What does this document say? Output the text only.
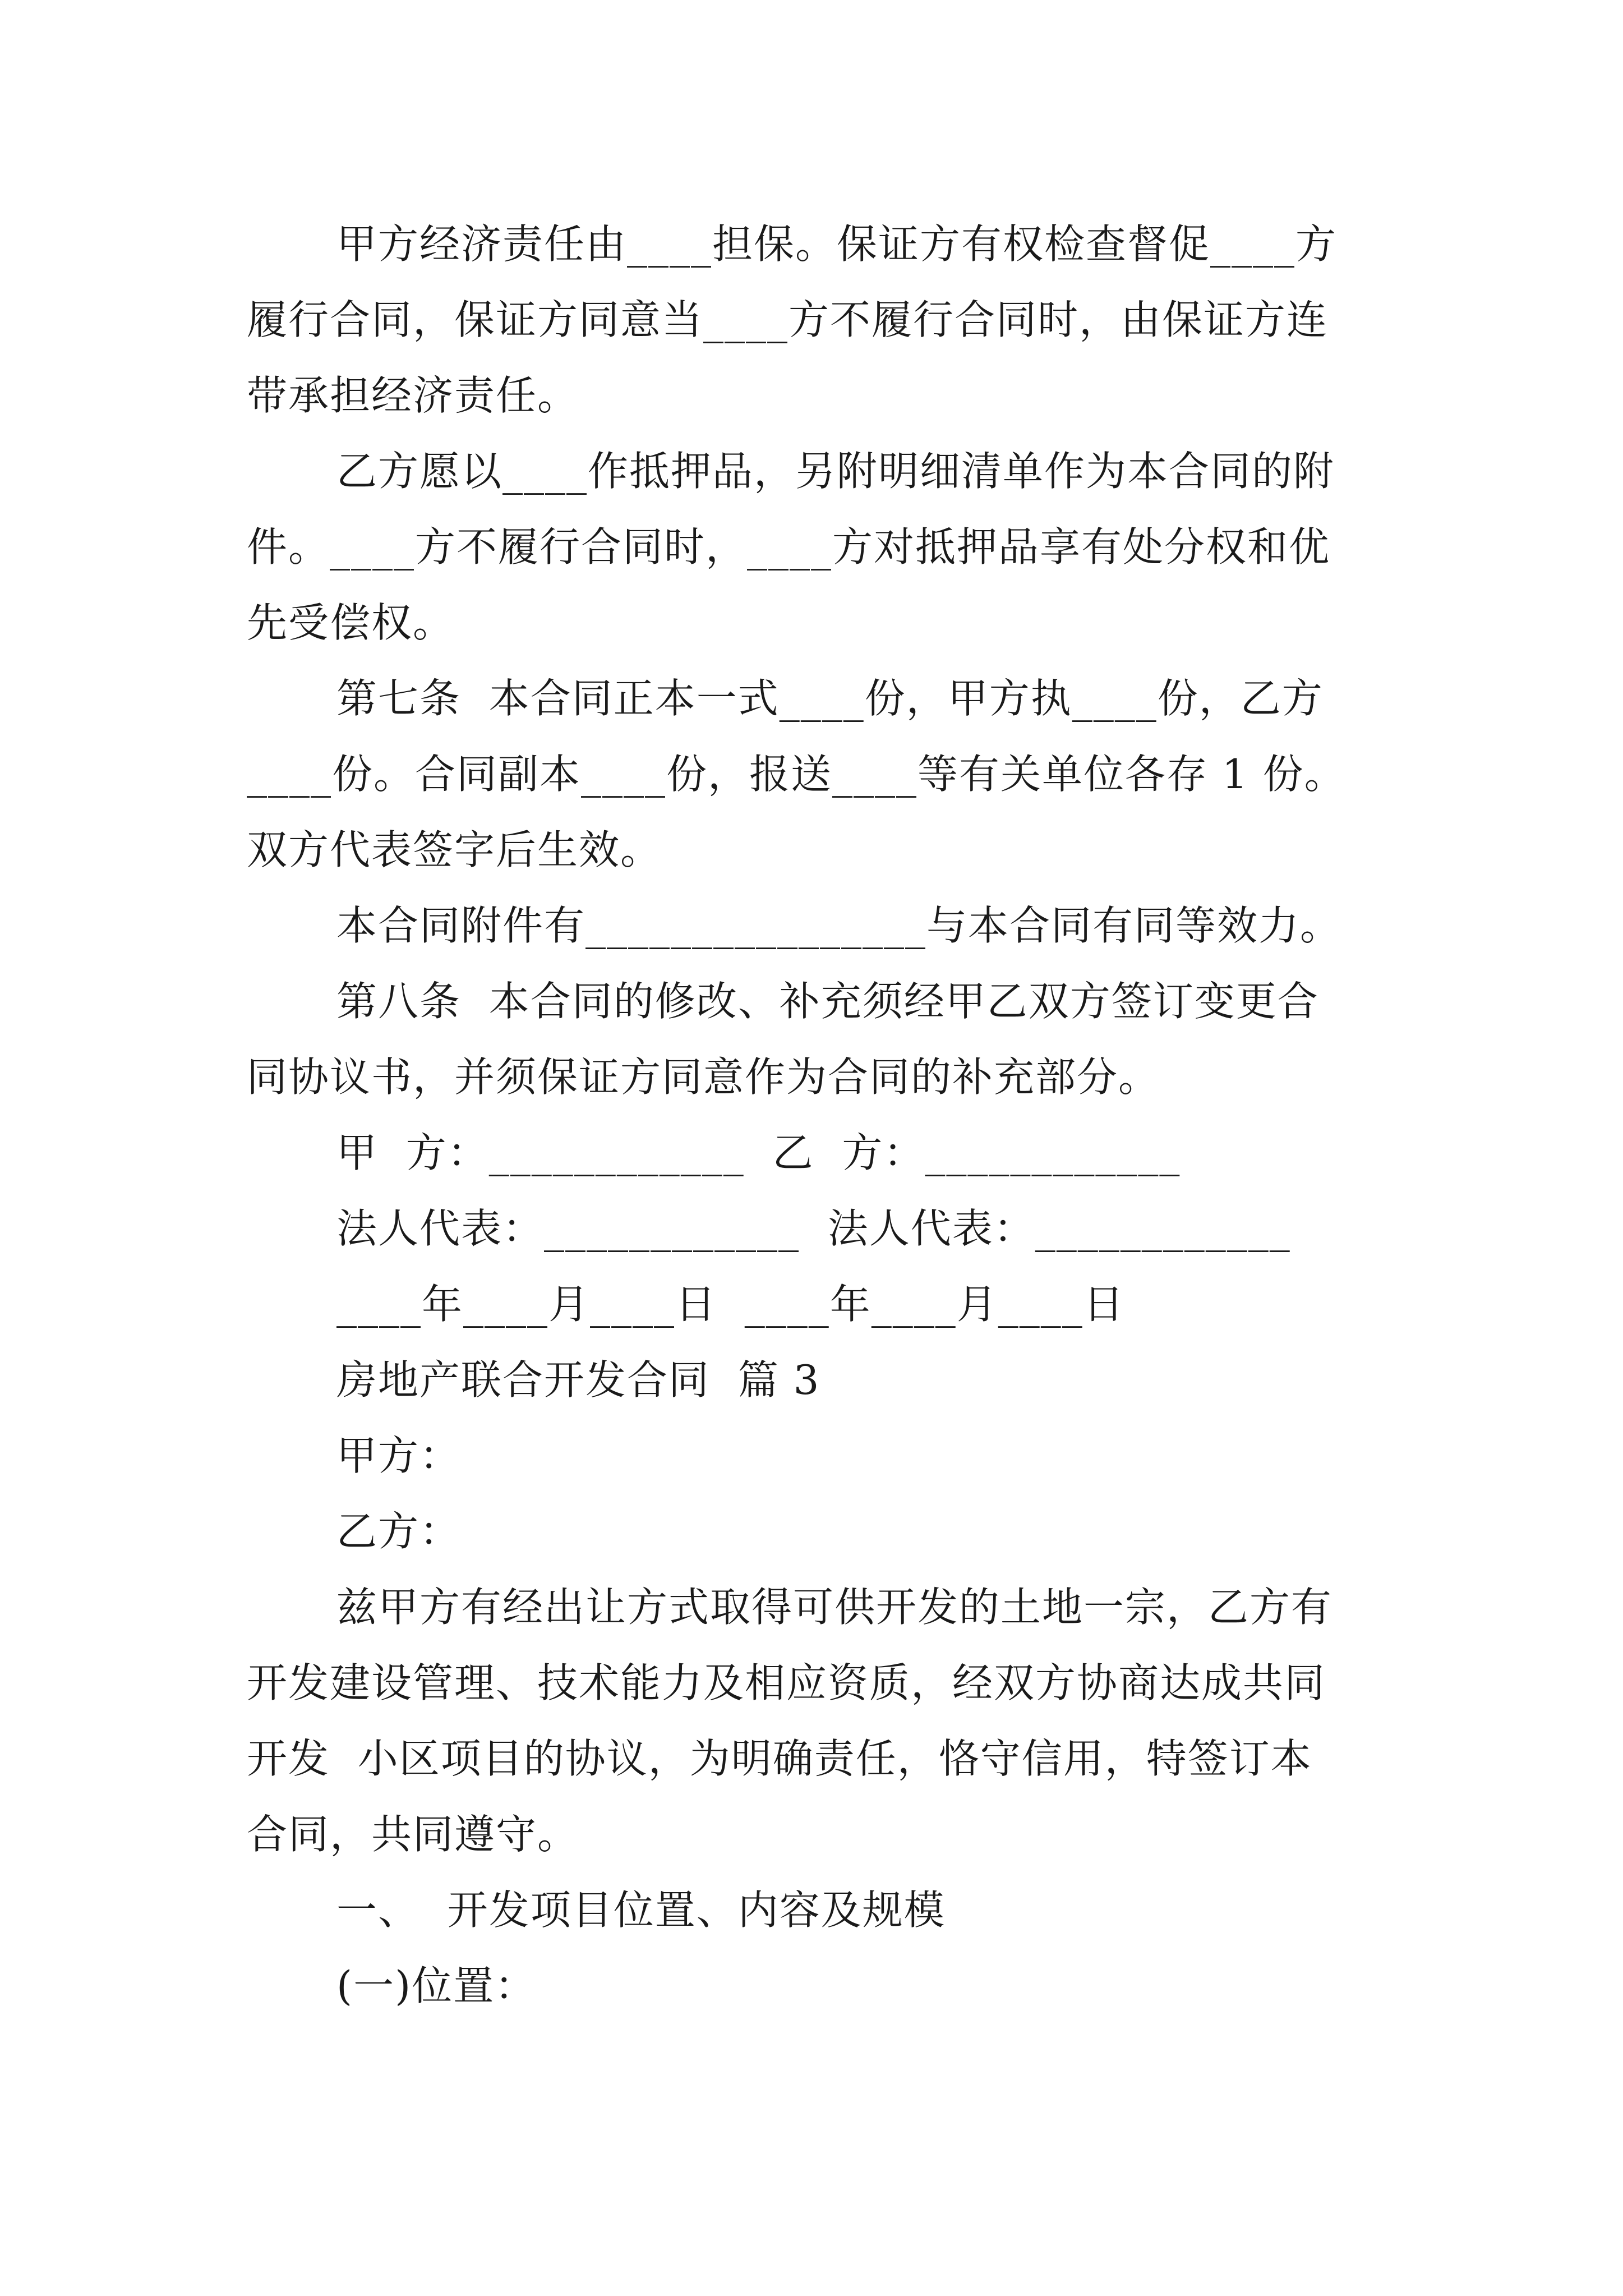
甲方经济责任由____担保。保证方有权检查督促____方
履行合同，保证方同意当____方不履行合同时，由保证方连
带承担经济责任。
乙方愿以____作抵押品，另附明细清单作为本合同的附
件。____方不履行合同时，____方对抵押品享有处分权和优
先受偿权。
第七条  本合同正本一式____份，甲方执____份，乙方
____份。合同副本____份，报送____等有关单位各存 1 份。
双方代表签字后生效。
本合同附件有________________与本合同有同等效力。
第八条  本合同的修改、补充须经甲乙双方签订变更合
同协议书，并须保证方同意作为合同的补充部分。
甲  方：____________  乙  方：____________
法人代表：____________  法人代表：____________
____年____月____日  ____年____月____日
房地产联合开发合同  篇 3
甲方：
乙方：
兹甲方有经出让方式取得可供开发的土地一宗，乙方有
开发建设管理、技术能力及相应资质，经双方协商达成共同
开发  小区项目的协议，为明确责任，恪守信用，特签订本
合同，共同遵守。
一、  开发项目位置、内容及规模
(一)位置：
